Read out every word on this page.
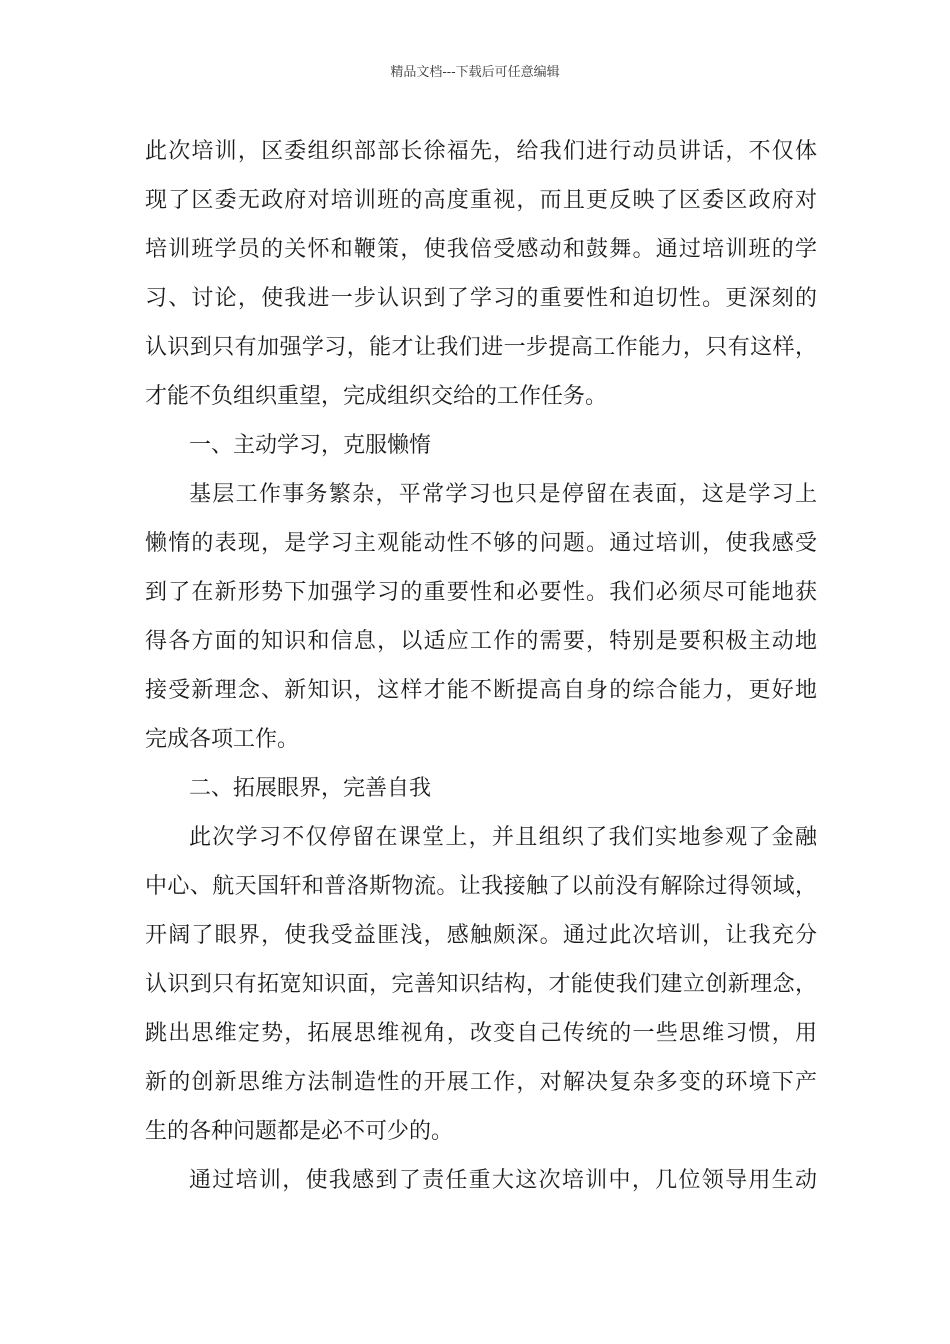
精品文档---下载后可任意编辑

此次培训，区委组织部部长徐福先，给我们进行动员讲话，不仅体

现了区委无政府对培训班的高度重视，而且更反映了区委区政府对

培训班学员的关怀和鞭策，使我倍受感动和鼓舞。通过培训班的学

习、讨论，使我进一步认识到了学习的重要性和迫切性。更深刻的

认识到只有加强学习，能才让我们进一步提高工作能力，只有这样，

才能不负组织重望，完成组织交给的工作任务。

一、主动学习，克服懒惰

基层工作事务繁杂，平常学习也只是停留在表面，这是学习上

懒惰的表现，是学习主观能动性不够的问题。通过培训，使我感受

到了在新形势下加强学习的重要性和必要性。我们必须尽可能地获

得各方面的知识和信息，以适应工作的需要，特别是要积极主动地

接受新理念、新知识，这样才能不断提高自身的综合能力，更好地

完成各项工作。

二、拓展眼界，完善自我

此次学习不仅停留在课堂上，并且组织了我们实地参观了金融

中心、航天国轩和普洛斯物流。让我接触了以前没有解除过得领域，

开阔了眼界，使我受益匪浅，感触颇深。通过此次培训，让我充分

认识到只有拓宽知识面，完善知识结构，才能使我们建立创新理念，

跳出思维定势，拓展思维视角，改变自己传统的一些思维习惯，用

新的创新思维方法制造性的开展工作，对解决复杂多变的环境下产

生的各种问题都是必不可少的。

通过培训，使我感到了责任重大这次培训中，几位领导用生动
